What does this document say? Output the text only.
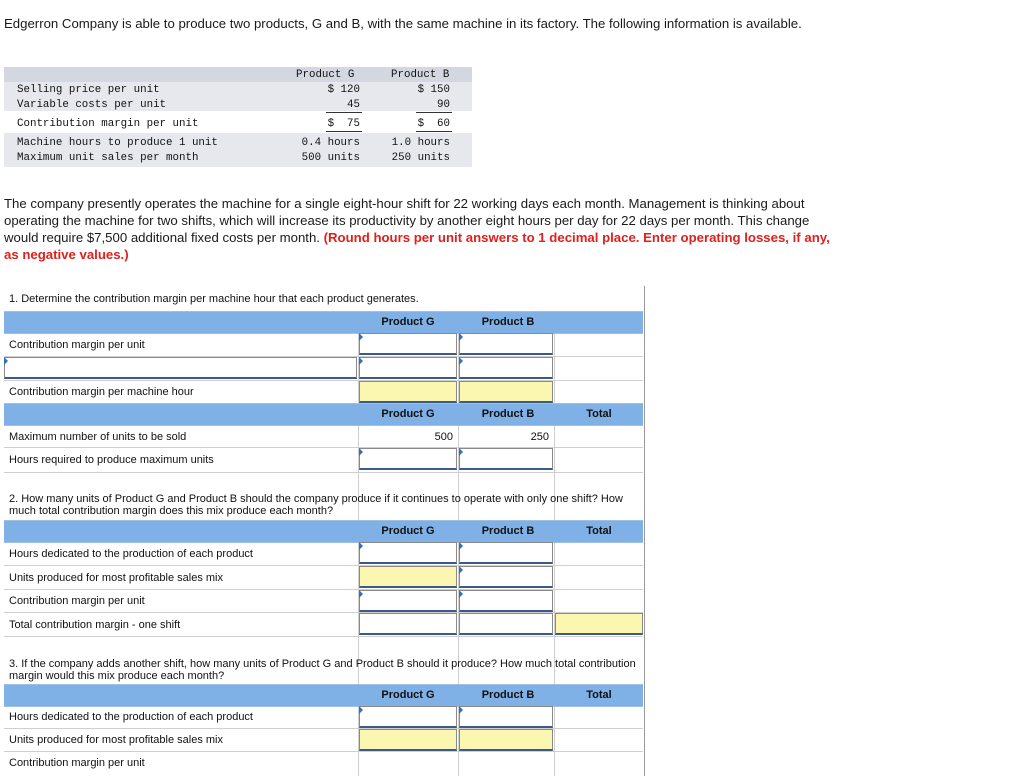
Edgerron Company is able to produce two products, G and B, with the same machine in its factory. The following information is available.
Product G	Product B
Selling price per unit	$ 120	$ 150
Variable costs per unit	45	90
Contribution margin per unit	$  75	$  60
Machine hours to produce 1 unit	0.4 hours	1.0 hours
Maximum unit sales per month	500 units	250 units
The company presently operates the machine for a single eight-hour shift for 22 working days each month. Management is thinking about operating the machine for two shifts, which will increase its productivity by another eight hours per day for 22 days per month. This change would require $7,500 additional fixed costs per month. (Round hours per unit answers to 1 decimal place. Enter operating losses, if any, as negative values.)
1. Determine the contribution margin per machine hour that each product generates.
Product G	Product B
Contribution margin per unit
Contribution margin per machine hour
Product G	Product B	Total
Maximum number of units to be sold	500	250
Hours required to produce maximum units
2. How many units of Product G and Product B should the company produce if it continues to operate with only one shift? How much total contribution margin does this mix produce each month?
Product G	Product B	Total
Hours dedicated to the production of each product
Units produced for most profitable sales mix
Contribution margin per unit
Total contribution margin - one shift
3. If the company adds another shift, how many units of Product G and Product B should it produce? How much total contribution margin would this mix produce each month?
Product G	Product B	Total
Hours dedicated to the production of each product
Units produced for most profitable sales mix
Contribution margin per unit
